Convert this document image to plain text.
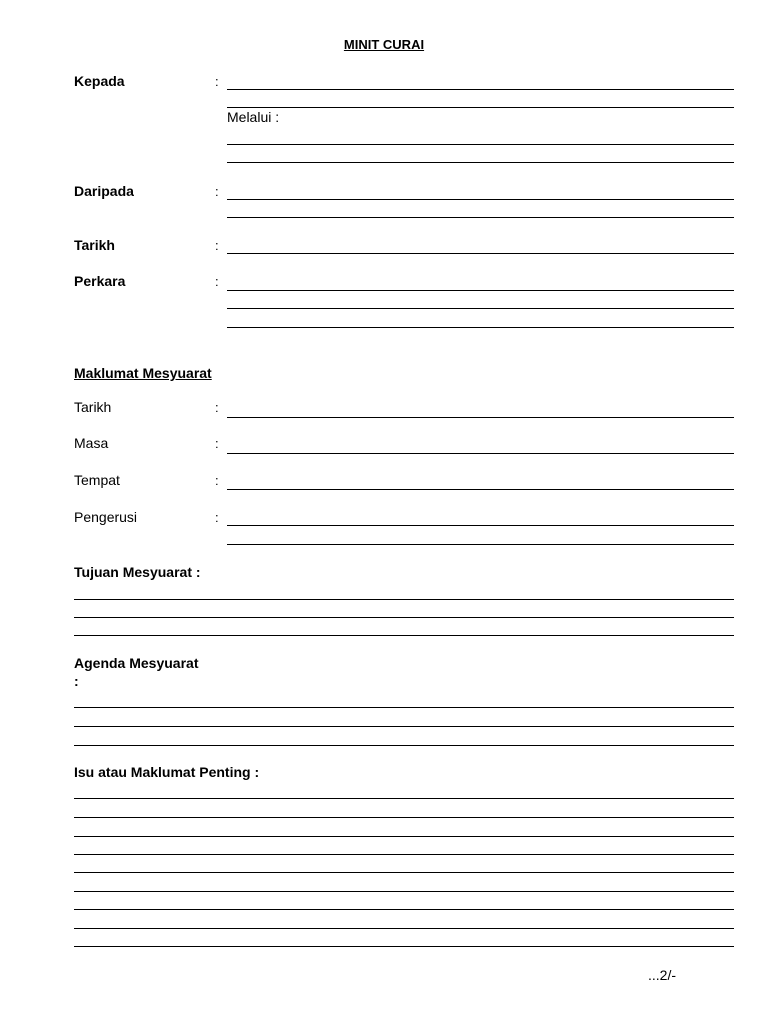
MINIT CURAI
Kepada	:
Melalui :
Daripada	:
Tarikh	:
Perkara	:
Maklumat Mesyuarat
Tarikh	:
Masa	:
Tempat	:
Pengerusi	:
Tujuan Mesyuarat :
Agenda Mesyuarat
:
Isu atau Maklumat Penting :
...2/-
